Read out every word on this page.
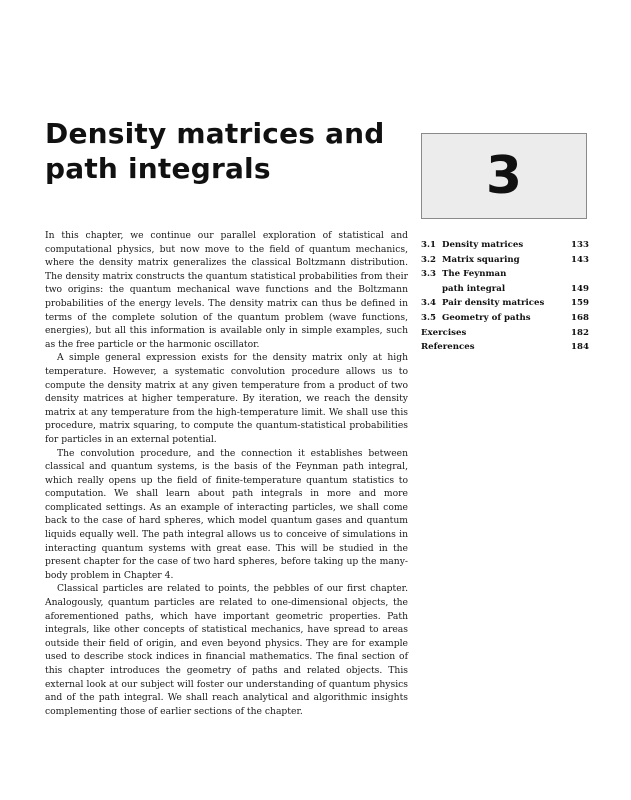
Density matrices and path integrals	3
3.1 Density matrices	133
3.2 Matrix squaring	143
3.3 The Feynman
path integral	149
3.4 Pair density matrices	159
3.5 Geometry of paths	168
Exercises	182
References	184

In this chapter, we continue our parallel exploration of statistical and computational physics, but now move to the field of quantum mechanics, where the density matrix generalizes the classical Boltzmann distribution. The density matrix constructs the quantum statistical probabilities from their two origins: the quantum mechanical wave functions and the Boltzmann probabilities of the energy levels. The density matrix can thus be defined in terms of the complete solution of the quantum problem (wave functions, energies), but all this information is available only in simple examples, such as the free particle or the harmonic oscillator.

A simple general expression exists for the density matrix only at high temperature. However, a systematic convolution procedure allows us to compute the density matrix at any given temperature from a product of two density matrices at higher temperature. By iteration, we reach the density matrix at any temperature from the high-temperature limit. We shall use this procedure, matrix squaring, to compute the quantum-statistical probabilities for particles in an external potential.

The convolution procedure, and the connection it establishes between classical and quantum systems, is the basis of the Feynman path integral, which really opens up the field of finite-temperature quantum statistics to computation. We shall learn about path integrals in more and more complicated settings. As an example of interacting particles, we shall come back to the case of hard spheres, which model quantum gases and quantum liquids equally well. The path integral allows us to conceive of simulations in interacting quantum systems with great ease. This will be studied in the present chapter for the case of two hard spheres, before taking up the many-body problem in Chapter 4.

Classical particles are related to points, the pebbles of our first chapter. Analogously, quantum particles are related to one-dimensional objects, the aforementioned paths, which have important geometric properties. Path integrals, like other concepts of statistical mechanics, have spread to areas outside their field of origin, and even beyond physics. They are for example used to describe stock indices in financial mathematics. The final section of this chapter introduces the geometry of paths and related objects. This external look at our subject will foster our understanding of quantum physics and of the path integral. We shall reach analytical and algorithmic insights complementing those of earlier sections of the chapter.
